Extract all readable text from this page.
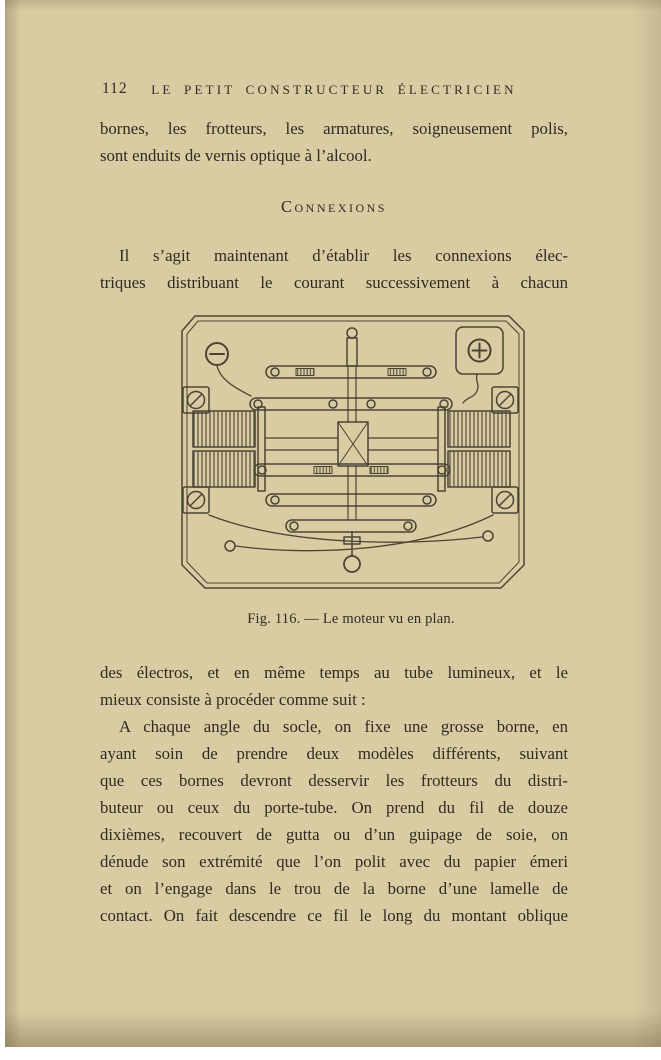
112	LE PETIT CONSTRUCTEUR ÉLECTRICIEN
bornes, les frotteurs, les armatures, soigneusement polis,
sont enduits de vernis optique à l’alcool.
Connexions
Il s’agit maintenant d’établir les connexions élec-
triques distribuant le courant successivement à chacun
Fig. 116. — Le moteur vu en plan.
des électros, et en même temps au tube lumineux, et le
mieux consiste à procéder comme suit :
A chaque angle du socle, on fixe une grosse borne, en
ayant soin de prendre deux modèles différents, suivant
que ces bornes devront desservir les frotteurs du distri-
buteur ou ceux du porte-tube. On prend du fil de douze
dixièmes, recouvert de gutta ou d’un guipage de soie, on
dénude son extrémité que l’on polit avec du papier émeri
et on l’engage dans le trou de la borne d’une lamelle de
contact. On fait descendre ce fil le long du montant oblique
